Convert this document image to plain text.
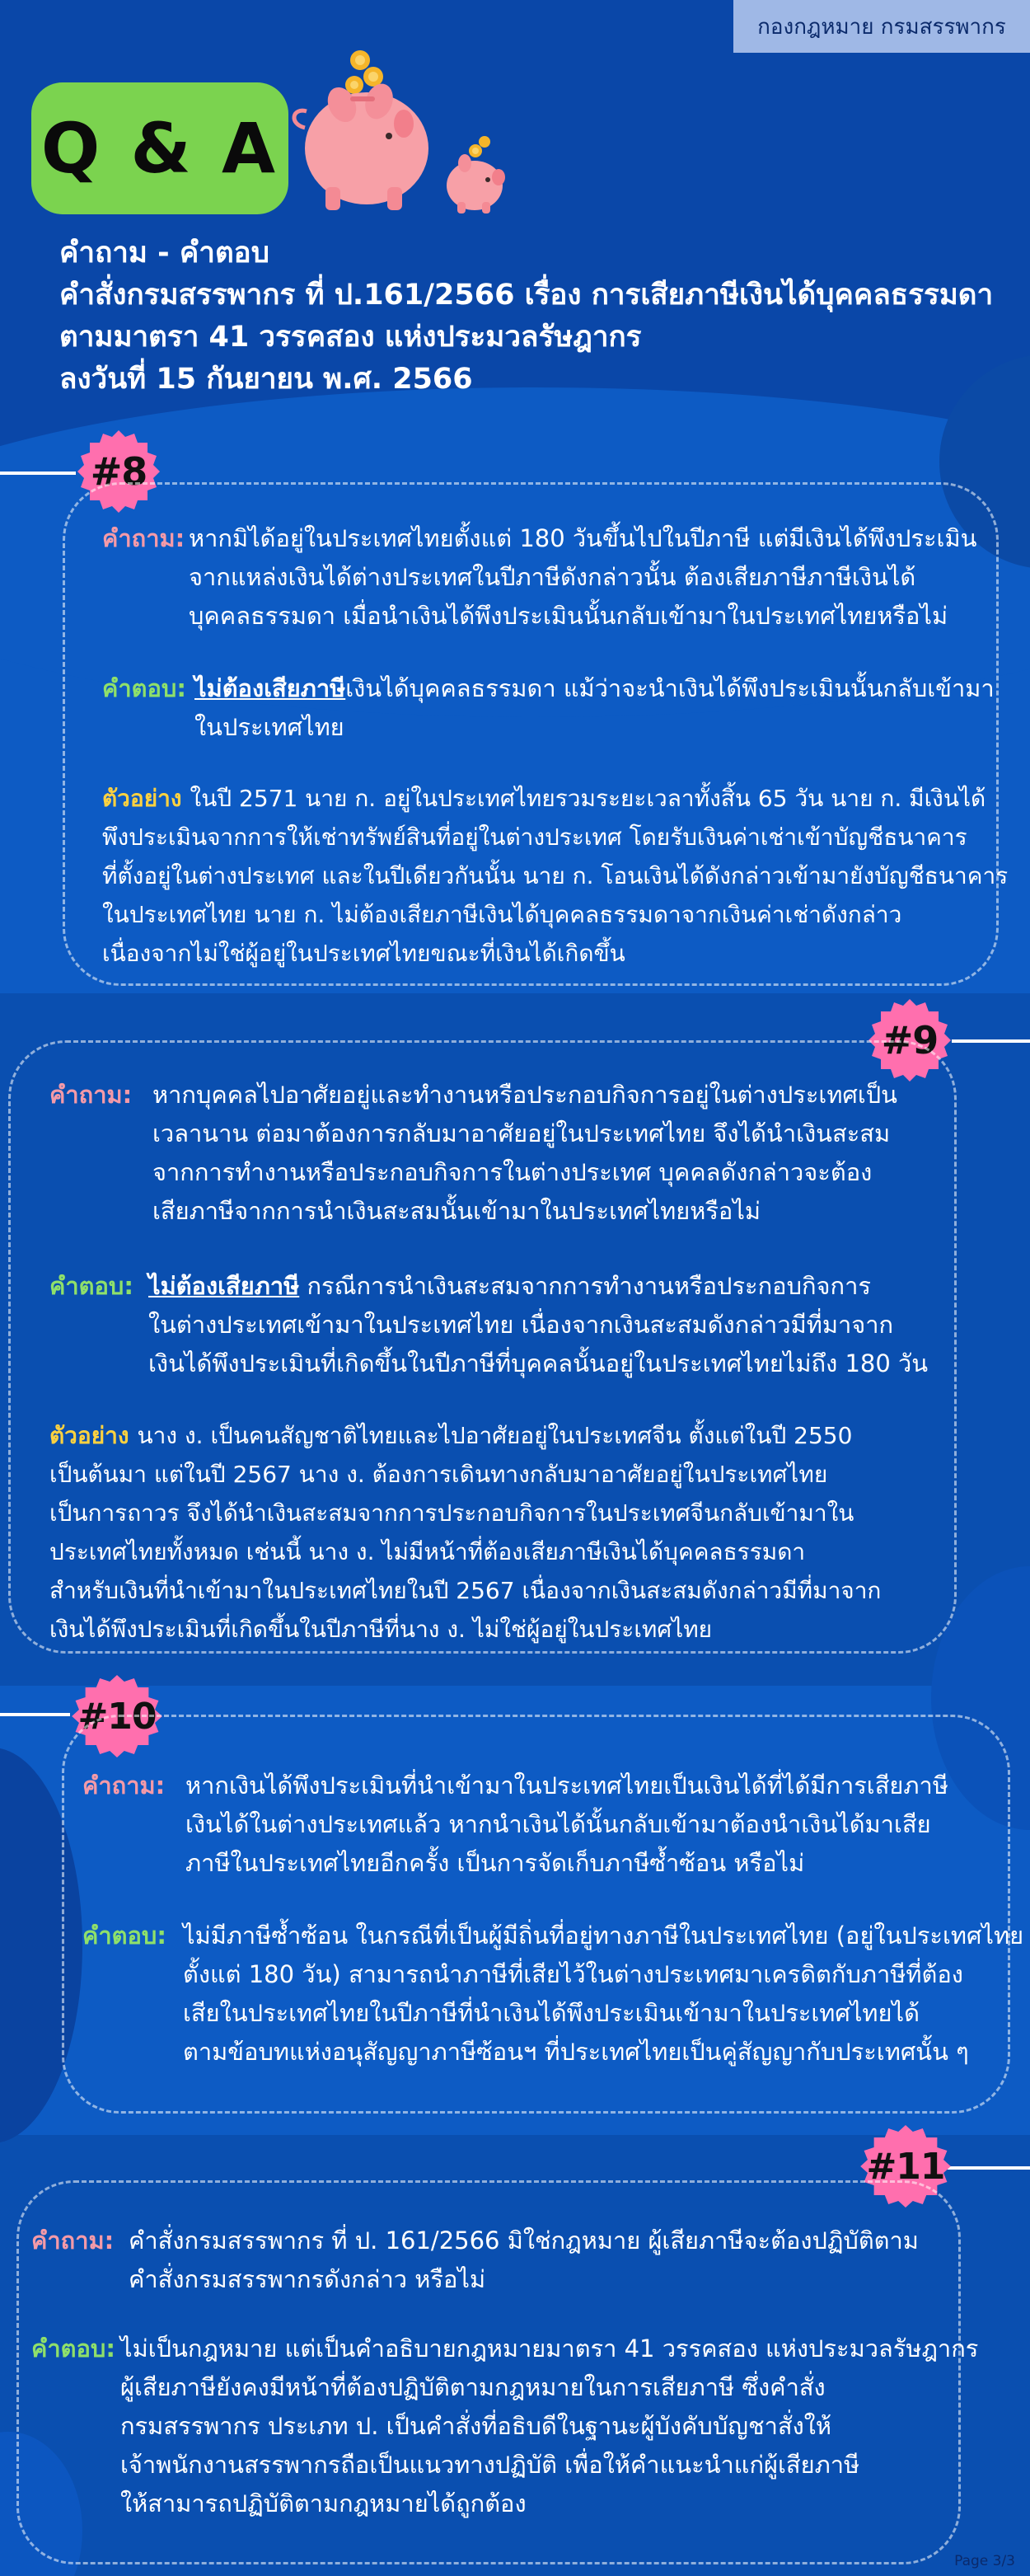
กองกฎหมาย กรมสรรพากร
Q & A
คำถาม - คำตอบ
คำสั่งกรมสรรพากร ที่ ป.161/2566 เรื่อง การเสียภาษีเงินได้บุคคลธรรมดา
ตามมาตรา 41 วรรคสอง แห่งประมวลรัษฎากร
ลงวันที่ 15 กันยายน พ.ศ. 2566
#8
คำถาม: หากมิได้อยู่ในประเทศไทยตั้งแต่ 180 วันขึ้นไปในปีภาษี แต่มีเงินได้พึงประเมิน
จากแหล่งเงินได้ต่างประเทศในปีภาษีดังกล่าวนั้น ต้องเสียภาษีภาษีเงินได้
บุคคลธรรมดา เมื่อนำเงินได้พึงประเมินนั้นกลับเข้ามาในประเทศไทยหรือไม่
คำตอบ: ไม่ต้องเสียภาษีเงินได้บุคคลธรรมดา แม้ว่าจะนำเงินได้พึงประเมินนั้นกลับเข้ามา
ในประเทศไทย
ตัวอย่าง ในปี 2571 นาย ก. อยู่ในประเทศไทยรวมระยะเวลาทั้งสิ้น 65 วัน นาย ก. มีเงินได้
พึงประเมินจากการให้เช่าทรัพย์สินที่อยู่ในต่างประเทศ โดยรับเงินค่าเช่าเข้าบัญชีธนาคาร
ที่ตั้งอยู่ในต่างประเทศ และในปีเดียวกันนั้น นาย ก. โอนเงินได้ดังกล่าวเข้ามายังบัญชีธนาคาร
ในประเทศไทย นาย ก. ไม่ต้องเสียภาษีเงินได้บุคคลธรรมดาจากเงินค่าเช่าดังกล่าว
เนื่องจากไม่ใช่ผู้อยู่ในประเทศไทยขณะที่เงินได้เกิดขึ้น
#9
คำถาม: หากบุคคลไปอาศัยอยู่และทำงานหรือประกอบกิจการอยู่ในต่างประเทศเป็น
เวลานาน ต่อมาต้องการกลับมาอาศัยอยู่ในประเทศไทย จึงได้นำเงินสะสม
จากการทำงานหรือประกอบกิจการในต่างประเทศ บุคคลดังกล่าวจะต้อง
เสียภาษีจากการนำเงินสะสมนั้นเข้ามาในประเทศไทยหรือไม่
คำตอบ: ไม่ต้องเสียภาษี กรณีการนำเงินสะสมจากการทำงานหรือประกอบกิจการ
ในต่างประเทศเข้ามาในประเทศไทย เนื่องจากเงินสะสมดังกล่าวมีที่มาจาก
เงินได้พึงประเมินที่เกิดขึ้นในปีภาษีที่บุคคลนั้นอยู่ในประเทศไทยไม่ถึง 180 วัน
ตัวอย่าง นาง ง. เป็นคนสัญชาติไทยและไปอาศัยอยู่ในประเทศจีน ตั้งแต่ในปี 2550
เป็นต้นมา แต่ในปี 2567 นาง ง. ต้องการเดินทางกลับมาอาศัยอยู่ในประเทศไทย
เป็นการถาวร จึงได้นำเงินสะสมจากการประกอบกิจการในประเทศจีนกลับเข้ามาใน
ประเทศไทยทั้งหมด เช่นนี้ นาง ง. ไม่มีหน้าที่ต้องเสียภาษีเงินได้บุคคลธรรมดา
สำหรับเงินที่นำเข้ามาในประเทศไทยในปี 2567 เนื่องจากเงินสะสมดังกล่าวมีที่มาจาก
เงินได้พึงประเมินที่เกิดขึ้นในปีภาษีที่นาง ง. ไม่ใช่ผู้อยู่ในประเทศไทย
#10
คำถาม: หากเงินได้พึงประเมินที่นำเข้ามาในประเทศไทยเป็นเงินได้ที่ได้มีการเสียภาษี
เงินได้ในต่างประเทศแล้ว หากนำเงินได้นั้นกลับเข้ามาต้องนำเงินได้มาเสีย
ภาษีในประเทศไทยอีกครั้ง เป็นการจัดเก็บภาษีซ้ำซ้อน หรือไม่
คำตอบ: ไม่มีภาษีซ้ำซ้อน ในกรณีที่เป็นผู้มีถิ่นที่อยู่ทางภาษีในประเทศไทย (อยู่ในประเทศไทย
ตั้งแต่ 180 วัน) สามารถนำภาษีที่เสียไว้ในต่างประเทศมาเครดิตกับภาษีที่ต้อง
เสียในประเทศไทยในปีภาษีที่นำเงินได้พึงประเมินเข้ามาในประเทศไทยได้
ตามข้อบทแห่งอนุสัญญาภาษีซ้อนฯ ที่ประเทศไทยเป็นคู่สัญญากับประเทศนั้น ๆ
#11
คำถาม: คำสั่งกรมสรรพากร ที่ ป. 161/2566 มิใช่กฎหมาย ผู้เสียภาษีจะต้องปฏิบัติตาม
คำสั่งกรมสรรพากรดังกล่าว หรือไม่
คำตอบ: ไม่เป็นกฎหมาย แต่เป็นคำอธิบายกฎหมายมาตรา 41 วรรคสอง แห่งประมวลรัษฎากร
ผู้เสียภาษียังคงมีหน้าที่ต้องปฏิบัติตามกฎหมายในการเสียภาษี ซึ่งคำสั่ง
กรมสรรพากร ประเภท ป. เป็นคำสั่งที่อธิบดีในฐานะผู้บังคับบัญชาสั่งให้
เจ้าพนักงานสรรพากรถือเป็นแนวทางปฏิบัติ เพื่อให้คำแนะนำแก่ผู้เสียภาษี
ให้สามารถปฏิบัติตามกฎหมายได้ถูกต้อง
Page 3/3
